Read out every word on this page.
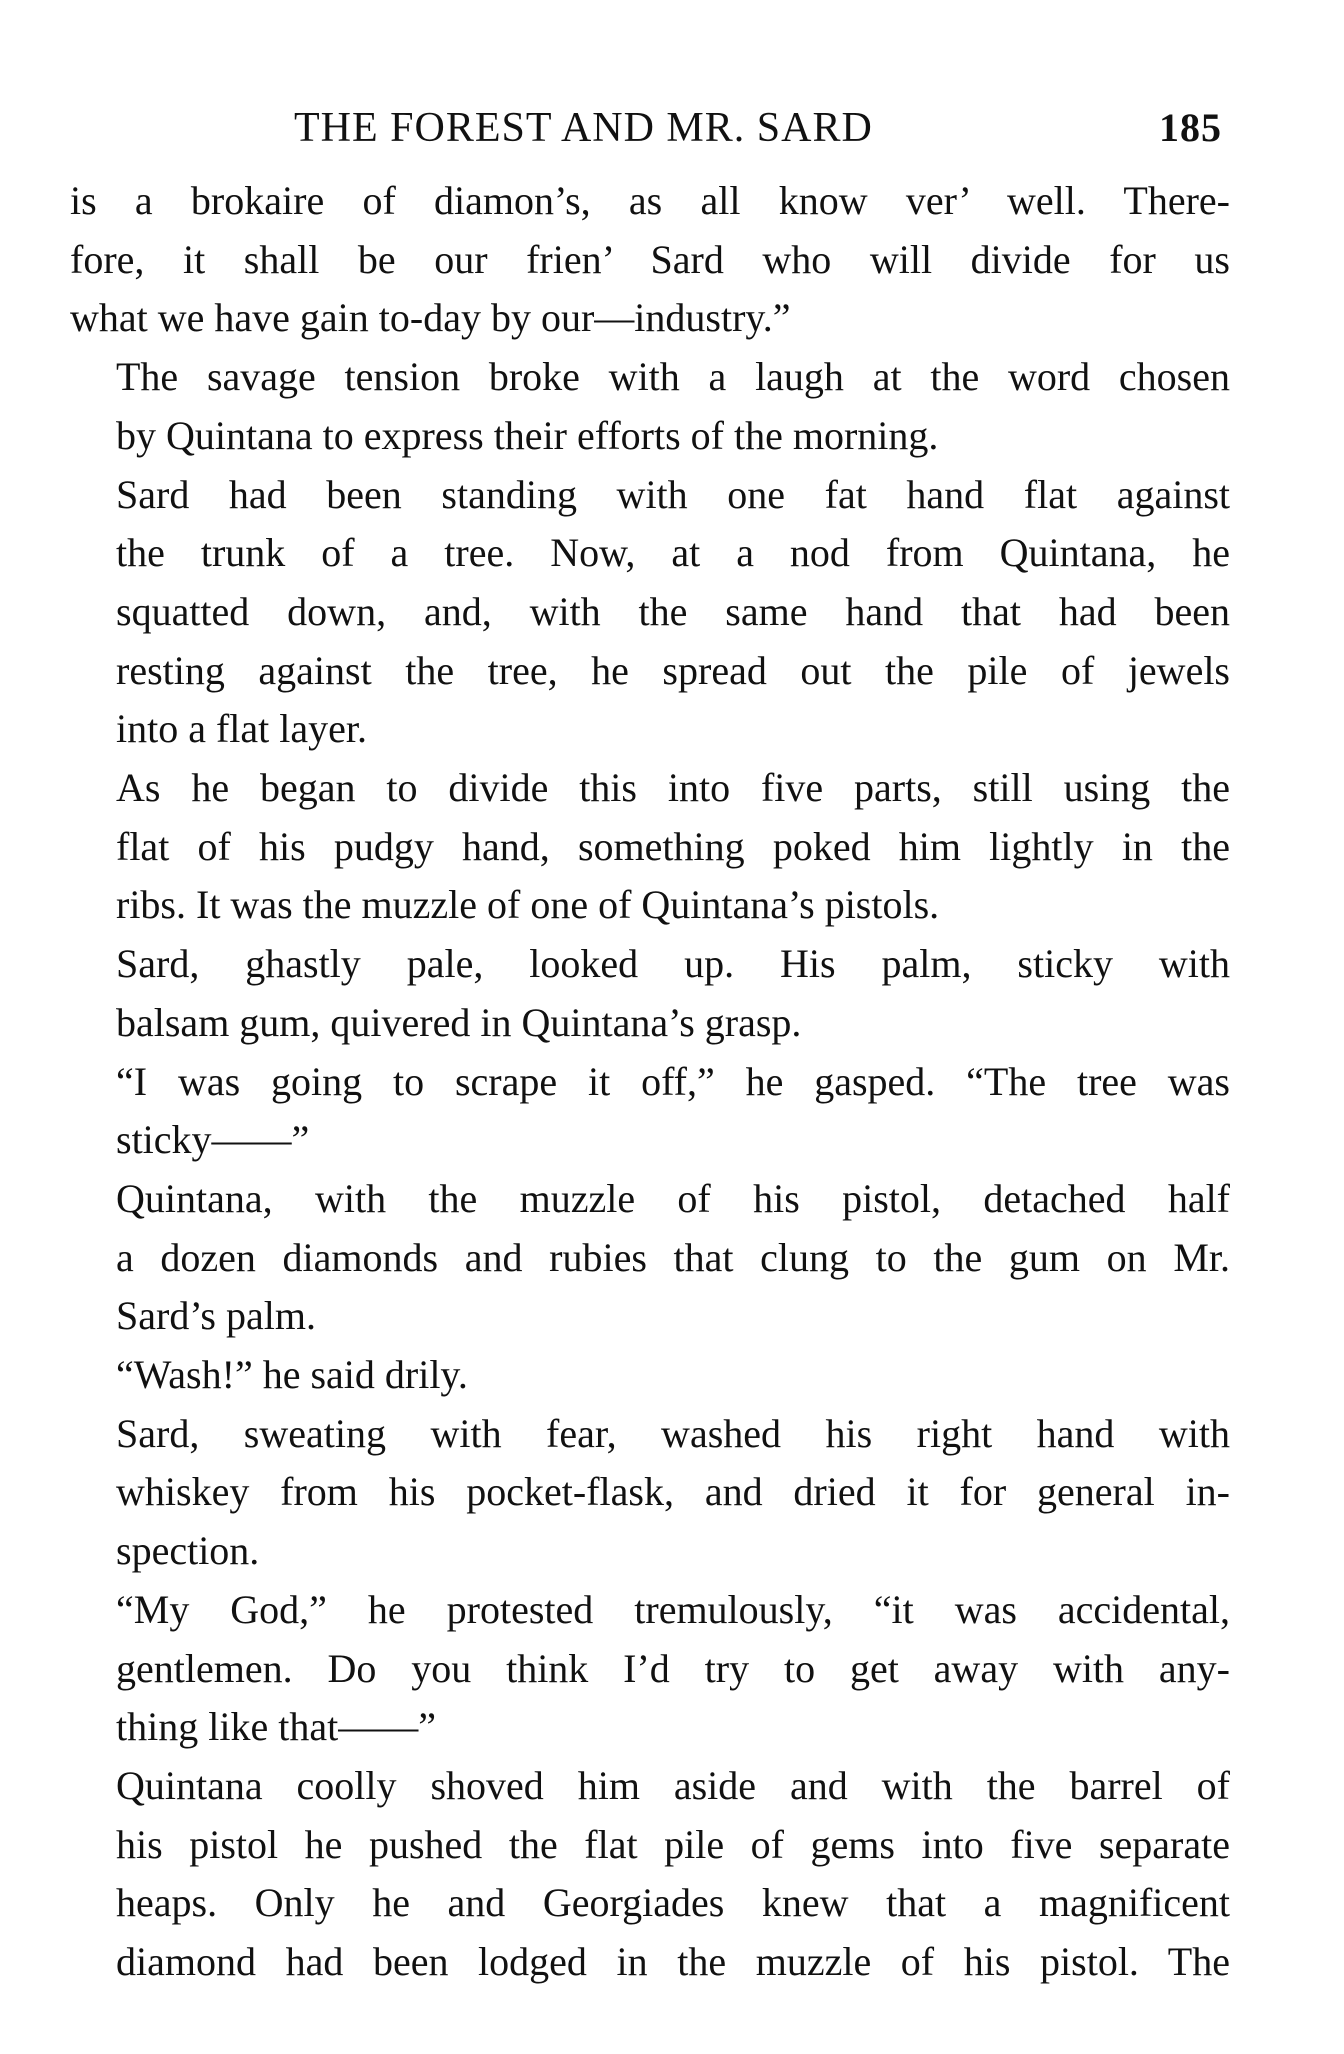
THE FOREST AND MR. SARD	185
is a brokaire of diamon’s, as all know ver’ well. There-
fore, it shall be our frien’ Sard who will divide for us
what we have gain to-day by our—industry.”
The savage tension broke with a laugh at the word chosen
by Quintana to express their efforts of the morning.
Sard had been standing with one fat hand flat against
the trunk of a tree. Now, at a nod from Quintana, he
squatted down, and, with the same hand that had been
resting against the tree, he spread out the pile of jewels
into a flat layer.
As he began to divide this into five parts, still using the
flat of his pudgy hand, something poked him lightly in the
ribs. It was the muzzle of one of Quintana’s pistols.
Sard, ghastly pale, looked up. His palm, sticky with
balsam gum, quivered in Quintana’s grasp.
“I was going to scrape it off,” he gasped. “The tree was
sticky——”
Quintana, with the muzzle of his pistol, detached half
a dozen diamonds and rubies that clung to the gum on Mr.
Sard’s palm.
“Wash!” he said drily.
Sard, sweating with fear, washed his right hand with
whiskey from his pocket-flask, and dried it for general in-
spection.
“My God,” he protested tremulously, “it was accidental,
gentlemen. Do you think I’d try to get away with any-
thing like that——”
Quintana coolly shoved him aside and with the barrel of
his pistol he pushed the flat pile of gems into five separate
heaps. Only he and Georgiades knew that a magnificent
diamond had been lodged in the muzzle of his pistol. The
